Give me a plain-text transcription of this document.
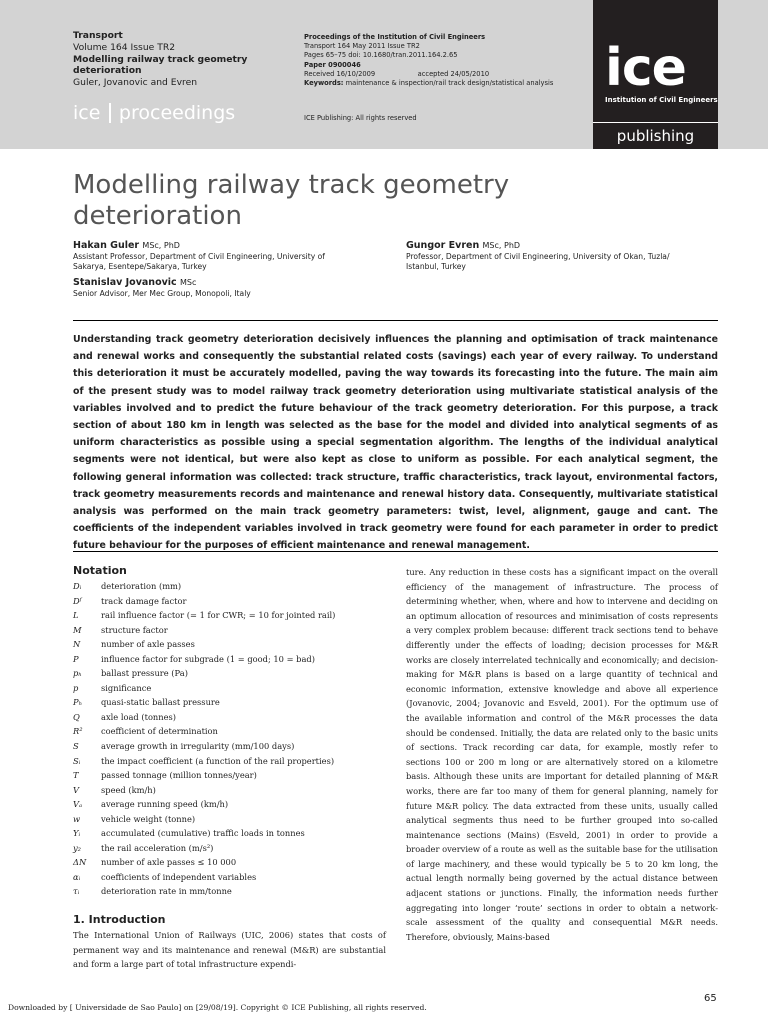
Transport
Volume 164 Issue TR2
Modelling railway track geometry
deterioration
Guler, Jovanovic and Evren
ice proceedings
Proceedings of the Institution of Civil Engineers
Transport 164 May 2011 Issue TR2
Pages 65–75 doi: 10.1680/tran.2011.164.2.65
Paper 0900046
Received 16/10/2009                    accepted 24/05/2010
Keywords: maintenance & inspection/rail track design/statistical analysis
ICE Publishing: All rights reserved
ice
Institution of Civil Engineers
publishing
Modelling railway track geometry deterioration
Hakan Guler MSc, PhD
Assistant Professor, Department of Civil Engineering, University of
Sakarya, Esentepe/Sakarya, Turkey
Stanislav Jovanovic MSc
Senior Advisor, Mer Mec Group, Monopoli, Italy
Gungor Evren MSc, PhD
Professor, Department of Civil Engineering, University of Okan, Tuzla/
Istanbul, Turkey

Understanding track geometry deterioration decisively influences the planning and optimisation of track maintenance and renewal works and consequently the substantial related costs (savings) each year of every railway. To understand this deterioration it must be accurately modelled, paving the way towards its forecasting into the future. The main aim of the present study was to model railway track geometry deterioration using multivariate statistical analysis of the variables involved and to predict the future behaviour of the track geometry deterioration. For this purpose, a track section of about 180 km in length was selected as the base for the model and divided into analytical segments of as uniform characteristics as possible using a special segmentation algorithm. The lengths of the individual analytical segments were not identical, but were also kept as close to uniform as possible. For each analytical segment, the following general information was collected: track structure, traffic characteristics, track layout, environmental factors, track geometry measurements records and maintenance and renewal history data. Consequently, multivariate statistical analysis was performed on the main track geometry parameters: twist, level, alignment, gauge and cant. The coefficients of the independent variables involved in track geometry were found for each parameter in order to predict future behaviour for the purposes of efficient maintenance and renewal management.

Notation
Dᵢ deterioration (mm)
Dᶠ track damage factor
L	rail influence factor (= 1 for CWR; = 10 for jointed rail)
M structure factor
N number of axle passes
P	influence factor for subgrade (1 = good; 10 = bad)
pₕ ballast pressure (Pa)
p	significance
Pₕ quasi-static ballast pressure
Q	axle load (tonnes)
R² coefficient of determination
S	average growth in irregularity (mm/100 days)
Sᵢ the impact coefficient (a function of the rail properties)
T	passed tonnage (million tonnes/year)
V	speed (km/h)
Vₐ average running speed (km/h)
w	vehicle weight (tonne)
Yᵢ	accumulated (cumulative) traffic loads in tonnes
y₂ the rail acceleration (m/s²)
ΔN number of axle passes ≤ 10 000
αᵢ coefficients of independent variables
τᵢ	deterioration rate in mm/tonne
1. Introduction

The International Union of Railways (UIC, 2006) states that costs of permanent way and its maintenance and renewal (M&R) are substantial and form a large part of total infrastructure expendi-

ture. Any reduction in these costs has a significant impact on the overall efficiency of the management of infrastructure. The process of determining whether, when, where and how to intervene and deciding on an optimum allocation of resources and minimisation of costs represents a very complex problem because: different track sections tend to behave differently under the effects of loading; decision processes for M&R works are closely interrelated technically and economically; and decision-making for M&R plans is based on a large quantity of technical and economic information, extensive knowledge and above all experience (Jovanovic, 2004; Jovanovic and Esveld, 2001). For the optimum use of the available information and control of the M&R processes the data should be condensed. Initially, the data are related only to the basic units of sections. Track recording car data, for example, mostly refer to sections 100 or 200 m long or are alternatively stored on a kilometre basis. Although these units are important for detailed planning of M&R works, there are far too many of them for general planning, namely for future M&R policy. The data extracted from these units, usually called analytical segments thus need to be further grouped into so-called maintenance sections (Mains) (Esveld, 2001) in order to provide a broader overview of a route as well as the suitable base for the utilisation of large machinery, and these would typically be 5 to 20 km long, the actual length normally being governed by the actual distance between adjacent stations or junctions. Finally, the information needs further aggregating into longer ‘route’ sections in order to obtain a network-scale assessment of the quality and consequential M&R needs. Therefore, obviously, Mains-based

65
Downloaded by [ Universidade de Sao Paulo] on [29/08/19]. Copyright © ICE Publishing, all rights reserved.
